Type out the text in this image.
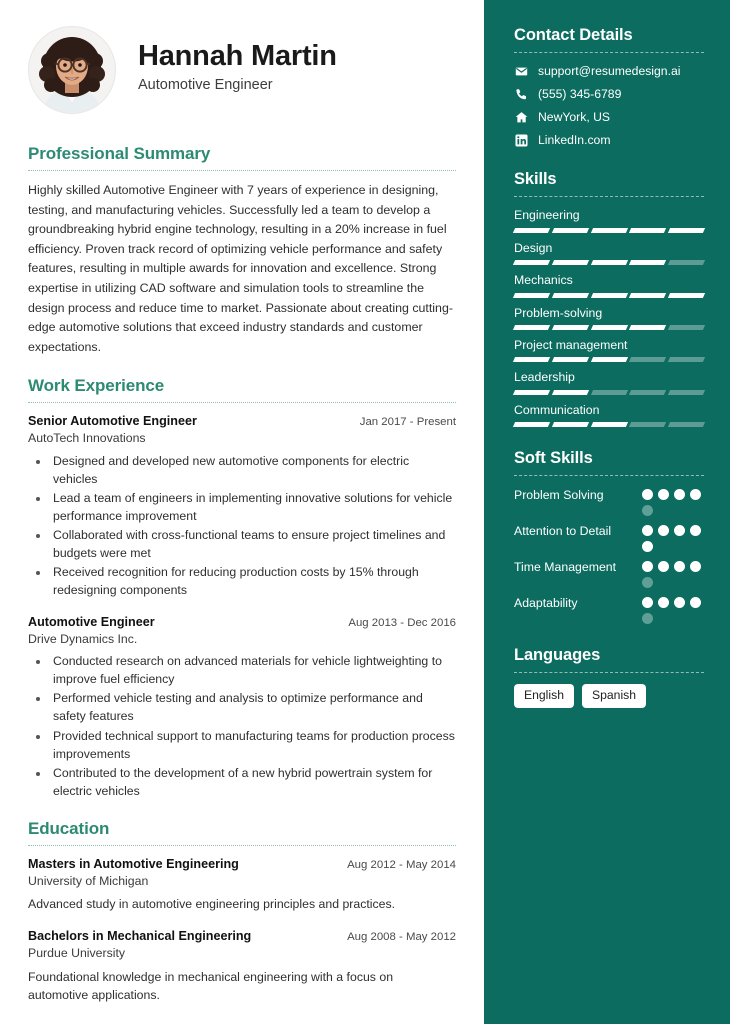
Hannah Martin
Automotive Engineer
Professional Summary

Highly skilled Automotive Engineer with 7 years of experience in designing, testing, and manufacturing vehicles. Successfully led a team to develop a groundbreaking hybrid engine technology, resulting in a 20% increase in fuel efficiency. Proven track record of optimizing vehicle performance and safety features, resulting in multiple awards for innovation and excellence. Strong expertise in utilizing CAD software and simulation tools to streamline the design process and reduce time to market. Passionate about creating cutting-edge automotive solutions that exceed industry standards and customer expectations.

Work Experience
Senior Automotive Engineer	Jan 2017 - Present
AutoTech Innovations
• Designed and developed new automotive components for electric vehicles
• Lead a team of engineers in implementing innovative solutions for vehicle performance improvement
• Collaborated with cross-functional teams to ensure project timelines and budgets were met
• Received recognition for reducing production costs by 15% through redesigning components
Automotive Engineer	Aug 2013 - Dec 2016
Drive Dynamics Inc.
• Conducted research on advanced materials for vehicle lightweighting to improve fuel efficiency
• Performed vehicle testing and analysis to optimize performance and safety features
• Provided technical support to manufacturing teams for production process improvements
• Contributed to the development of a new hybrid powertrain system for electric vehicles
Education
Masters in Automotive Engineering	Aug 2012 - May 2014
University of Michigan
Advanced study in automotive engineering principles and practices.
Bachelors in Mechanical Engineering	Aug 2008 - May 2012
Purdue University
Foundational knowledge in mechanical engineering with a focus on automotive applications.
Contact Details
support@resumedesign.ai
(555) 345-6789
NewYork, US
LinkedIn.com
Skills
Engineering
Design
Mechanics
Problem-solving
Project management
Leadership
Communication
Soft Skills
Problem Solving
Attention to Detail
Time Management
Adaptability
Languages
English	Spanish
